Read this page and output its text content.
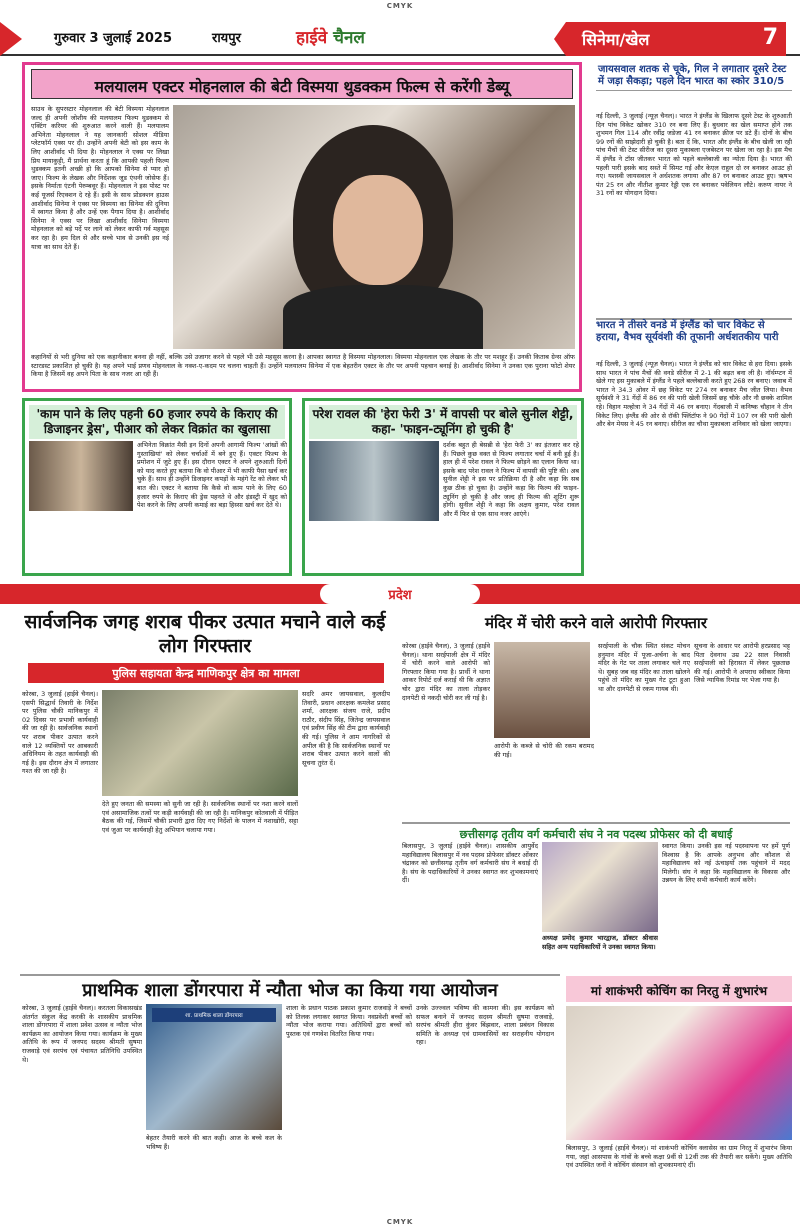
CMYK
गुरुवार 3 जुलाई 2025	रायपुर	हाईवे चैनल	सिनेमा/खेल	7
मलयालम एक्टर मोहनलाल की बेटी विस्मया थुडक्कम फिल्म से करेंगी डेब्यू
साउथ के सुपरस्टार मोहनलाल की बेटी विस्मया मोहनलाल जल्द ही अपनी जोशीय की मलयालम फिल्म थुडक्कम से एक्टिंग करियर की शुरुआत करने वाली हैं। मलयालम अभिनेता मोहनलाल ने यह जानकारी सोशल मीडिया प्लेटफॉर्म एक्स पर दी। उन्होंने अपनी बेटी को इस काम के लिए आशीर्वाद भी दिया है। मोहनलाल ने एक्स पर लिखा प्रिय मायाकुट्टी, मैं प्रार्थना करता हूं कि आपकी पहली फिल्म थुडक्कम इतनी अच्छी हो कि आपको सिनेमा से प्यार हो जाए। फिल्म के लेखक और निर्देशक जूड एंथनी जोसेफ हैं। इसके निर्माता एंटनी पेरुम्बवूर हैं। मोहनलाल ने इस पोस्ट पर कई यूजर्स रिएक्शन दे रहे हैं। इसी के साथ प्रोडक्शन हाउस आशीर्वाद सिनेमा ने एक्स पर विस्मया का सिनेमा की दुनिया में स्वागत किया है और उन्हें एक पैगाम दिया है। आशीर्वाद सिनेमा ने एक्स पर लिखा आशीर्वाद सिनेमा विस्मया मोहनलाल को बड़े पर्दे पर लाने को लेकर काफी गर्व महसूस कर रहा है। हम दिल से और सच्चे भाव से उनकी इस नई यात्रा का साथ देते हैं।
कहानियों से भरी दुनिया को एक कहानीकार बनना ही नहीं, बल्कि उसे उजागर करने से पहले भी उसे महसूस करना है। आपका स्वागत है विस्मया मोहनलाल। विस्मया मोहनलाल एक लेखक के तौर पर मशहूर हैं। उनकी किताब ग्रेन्स ऑफ स्टारडस्ट प्रकाशित हो चुकी है। यह अपने भाई प्रणव मोहनलाल के नक्श-ए-कदम पर चलना चाहती हैं। उन्होंने मलयालम सिनेमा में एक बेहतरीन एक्टर के तौर पर अपनी पहचान बनाई है। आशीर्वाद सिनेमा ने उनका एक पुराना फोटो शेयर किया है जिसमें वह अपने पिता के साथ नजर आ रही हैं।
जायसवाल शतक से चूके, गिल ने लगातार दूसरे टेस्ट में जड़ा सैकड़ा; पहले दिन भारत का स्कोर 310/5
नई दिल्ली, 3 जुलाई (न्यूज़ चैनल)। भारत ने इंग्लैंड के खिलाफ दूसरे टेस्ट के शुरुआती दिन पांच विकेट खोकर 310 रन बना लिए हैं। बुधवार का खेल समाप्त होने तक शुभमन गिल 114 और रवींद्र जडेजा 41 रन बनाकर क्रीज पर डटे हैं। दोनों के बीच 99 रनों की साझेदारी हो चुकी है। बता दें कि, भारत और इंग्लैंड के बीच खेली जा रही पांच मैचों की टेस्ट सीरीज का दूसरा मुकाबला एजबेस्टन पर खेला जा रहा है। इस मैच में इंग्लैंड ने टॉस जीतकर भारत को पहले बल्लेबाजी का न्योता दिया है। भारत की पहली पारी इसके बाद सस्ते में सिमट गई और केएल राहुल दो रन बनाकर आउट हो गए। यशस्वी जायसवाल ने अर्धशतक लगाया और 87 रन बनाकर आउट हुए। ऋषभ पंत 25 रन और नीतीश कुमार रेड्डी एक रन बनाकर पवेलियन लौटे। करुण नायर ने 31 रनों का योगदान दिया।
भारत ने तीसरे वनडे में इंग्लैंड को चार विकेट से हराया, वैभव सूर्यवंशी की तूफानी अर्धशतकीय पारी
नई दिल्ली, 3 जुलाई (न्यूज़ चैनल)। भारत ने इंग्लैंड को चार विकेट से हरा दिया। इसके साथ भारत ने पांच मैचों की वनडे सीरीज में 2-1 की बढ़त बना ली है। नॉर्थम्प्टन में खेले गए इस मुकाबले में इंग्लैंड ने पहले बल्लेबाजी करते हुए 268 रन बनाए। जवाब में भारत ने 34.3 ओवर में छह विकेट पर 274 रन बनाकर मैच जीत लिया। वैभव सूर्यवंशी ने 31 गेंदों में 86 रन की पारी खेली जिसमें छह चौके और नौ छक्के शामिल रहे। विहान मल्होत्रा ने 34 गेंदों में 46 रन बनाए। गेंदबाजी में कनिष्क चौहान ने तीन विकेट लिए। इंग्लैंड की ओर से रॉकी फ्लिंटॉफ ने 90 गेंदों में 107 रन की पारी खेली और बेन मेयस ने 45 रन बनाए। सीरीज का चौथा मुकाबला शनिवार को खेला जाएगा।
'काम पाने के लिए पहनी 60 हजार रुपये के किराए की डिजाइनर ड्रेस', पीआर को लेकर विक्रांत का खुलासा
अभिनेता विक्रांत मैसी इन दिनों अपनी आगामी फिल्म 'आंखों की गुस्ताखियां' को लेकर चर्चाओं में बने हुए हैं। एक्टर फिल्म के प्रमोशन में जुटे हुए हैं। इस दौरान एक्टर ने अपने शुरुआती दिनों को याद करते हुए बताया कि वो पीआर में भी काफी पैसा खर्च कर चुके हैं। साथ ही उन्होंने डिजाइनर कपड़ों के महंगे रेंट को लेकर भी बात की। एक्टर ने बताया कि कैसे वो काम पाने के लिए 60 हजार रुपये के किराए की ड्रेस पहनते थे और इंडस्ट्री में खुद को पेश करने के लिए अपनी कमाई का बड़ा हिस्सा खर्च कर देते थे।
परेश रावल की 'हेरा फेरी 3' में वापसी पर बोले सुनील शेट्टी, कहा- 'फाइन-ट्यूनिंग हो चुकी है'
दर्शक बहुत ही बेसब्री से 'हेरा फेरी 3' का इंतजार कर रहे हैं। पिछले कुछ वक्त से फिल्म लगातार चर्चा में बनी हुई है। हाल ही में परेश रावल ने फिल्म छोड़ने का एलान किया था। इसके बाद परेश रावल ने फिल्म में वापसी की पुष्टि की। अब सुनील शेट्टी ने इस पर प्रतिक्रिया दी है और कहा कि सब कुछ ठीक हो चुका है। उन्होंने कहा कि फिल्म की फाइन-ट्यूनिंग हो चुकी है और जल्द ही फिल्म की शूटिंग शुरू होगी। सुनील शेट्टी ने कहा कि अक्षय कुमार, परेश रावल और मैं फिर से एक साथ नजर आएंगे।
प्रदेश
सार्वजनिक जगह शराब पीकर उत्पात मचाने वाले कई लोग गिरफ्तार
पुलिस सहायता केन्द्र माणिकपुर क्षेत्र का मामला
कोरबा, 3 जुलाई (हाईवे चैनल)। एसपी सिद्धार्थ तिवारी के निर्देश पर पुलिस चौकी मानिकपुर में 02 दिवस पर प्रभावी कार्यवाही की जा रही है। सार्वजनिक स्थानों पर शराब पीकर उत्पात करने वाले 12 व्यक्तियों पर आबकारी अधिनियम के तहत कार्यवाही की गई है। इस दौरान क्षेत्र में लगातार गश्त की जा रही है।
सदरि अमर जायसवाल, कुलदीप तिवारी, प्रधान आरक्षक कमलेश प्रसाद शर्मा, आरक्षक संजय राजे, प्रदीप राठौर, संदीप सिंह, जितेन्द्र जायसवाल एवं प्रवीण सिंह की टीम द्वारा कार्यवाही की गई। पुलिस ने आम नागरिकों से अपील की है कि सार्वजनिक स्थानों पर शराब पीकर उत्पात करने वालों की सूचना तुरंत दें।
देते हुए जनता की समस्या को सुनी जा रही है। सार्वजनिक स्थानों पर नशा करने वालों एवं असामाजिक तत्वों पर कड़ी कार्यवाही की जा रही है। मानिकपुर कोतवाली में पीड़ित बैठक की गई, जिसमें चौकी प्रभारी द्वारा दिए गए निर्देशों के पालन में नशाखोरी, सट्टा एवं जुआ पर कार्यवाही हेतु अभियान चलाया गया।
मंदिर में चोरी करने वाले आरोपी गिरफ्तार
कोरबा (हाईवे चैनल), 3 जुलाई (हाईवे चैनल)। थाना सरईपाली क्षेत्र में मंदिर में चोरी करने वाले आरोपी को गिरफ्तार किया गया है। प्रार्थी ने थाना आकर रिपोर्ट दर्ज कराई थी कि अज्ञात चोर द्वारा मंदिर का ताला तोड़कर दानपेटी से नकदी चोरी कर ली गई है।
आरोपी के कब्जे से चोरी की रकम बरामद की गई।
सरईपाली के चौक स्थित संकट मोचन हनुमान मंदिर में पूजा-अर्चना के बाद मंदिर के गेट पर ताला लगाकर चले गए थे। सुबह जब वह मंदिर का ताला खोलने पहुंचे तो मंदिर का मुख्य गेट टूटा हुआ था और दानपेटी से रकम गायब थी।
सूचना के आधार पर आरोपी हरप्रसाद भट्ट पिता देवनाथ उम्र 22 साल निवासी सरईपाली को हिरासत में लेकर पूछताछ की गई। आरोपी ने अपराध स्वीकार किया जिसे न्यायिक रिमांड पर भेजा गया है।
छत्तीसगढ़ तृतीय वर्ग कर्मचारी संघ ने नव पदस्थ प्रोफेसर को दी बधाई
बिलासपुर, 3 जुलाई (हाईवे चैनल)। शासकीय आयुर्वेद महाविद्यालय बिलासपुर में नव पदस्थ प्रोफेसर डॉक्टर ओंकार चंद्राकर को छत्तीसगढ़ तृतीय वर्ग कर्मचारी संघ ने बधाई दी है। संघ के पदाधिकारियों ने उनका स्वागत कर शुभकामनाएं दीं।
अध्यक्ष प्रमोद कुमार भारद्वाज, डॉक्टर श्रीवास सहित अन्य पदाधिकारियों ने उनका स्वागत किया।
स्वागत किया। उनकी इस नई पदस्थापना पर हमें पूर्ण विश्वास है कि आपके अनुभव और कौशल से महाविद्यालय को नई ऊंचाइयों तक पहुंचाने में मदद मिलेगी। संघ ने कहा कि महाविद्यालय के विकास और उन्नयन के लिए सभी कर्मचारी कार्य करेंगे।
प्राथमिक शाला डोंगरपारा में न्यौता भोज का किया गया आयोजन
कोरबा, 3 जुलाई (हाईवे चैनल)। करतला विकासखंड अंतर्गत संकुल केंद्र करकी के शासकीय प्राथमिक शाला डोंगरपारा में शाला प्रवेश उत्सव व न्यौता भोज कार्यक्रम का आयोजन किया गया। कार्यक्रम के मुख्य अतिथि के रूप में जनपद सदस्य श्रीमती सुषमा राजवाड़े एवं सरपंच एवं पंचायत प्रतिनिधि उपस्थित थे।
शा. प्राथमिक शाला डोंगरपारा
बेहतर तैयारी करने की बात कही। आज के बच्चे कल के भविष्य हैं।
शाला के प्रधान पाठक प्रकाश कुमार राजवाड़े ने बच्चों को तिलक लगाकर स्वागत किया। नवप्रवेशी बच्चों को न्यौता भोज कराया गया। अतिथियों द्वारा बच्चों को पुस्तक एवं गणवेश वितरित किया गया।
उनके उज्ज्वल भविष्य की कामना की। इस कार्यक्रम को सफल बनाने में जनपद सदस्य श्रीमती सुषमा राजवाड़े, सरपंच श्रीमती हीरा कुंवर बिंझवार, शाला प्रबंधन विकास समिति के अध्यक्ष एवं ग्रामवासियों का सराहनीय योगदान रहा।
मां शाकंभरी कोचिंग का निरतु में शुभारंभ
बिलासपुर, 3 जुलाई (हाईवे चैनल)। मां शाकंभरी कोचिंग क्लासेस का ग्राम निरतु में शुभारंभ किया गया, जहां आसपास के गांवों के बच्चे कक्षा 9वीं से 12वीं तक की तैयारी कर सकेंगे। मुख्य अतिथि एवं उपस्थित जनों ने कोचिंग संस्थान को शुभकामनाएं दीं।
CMYK
